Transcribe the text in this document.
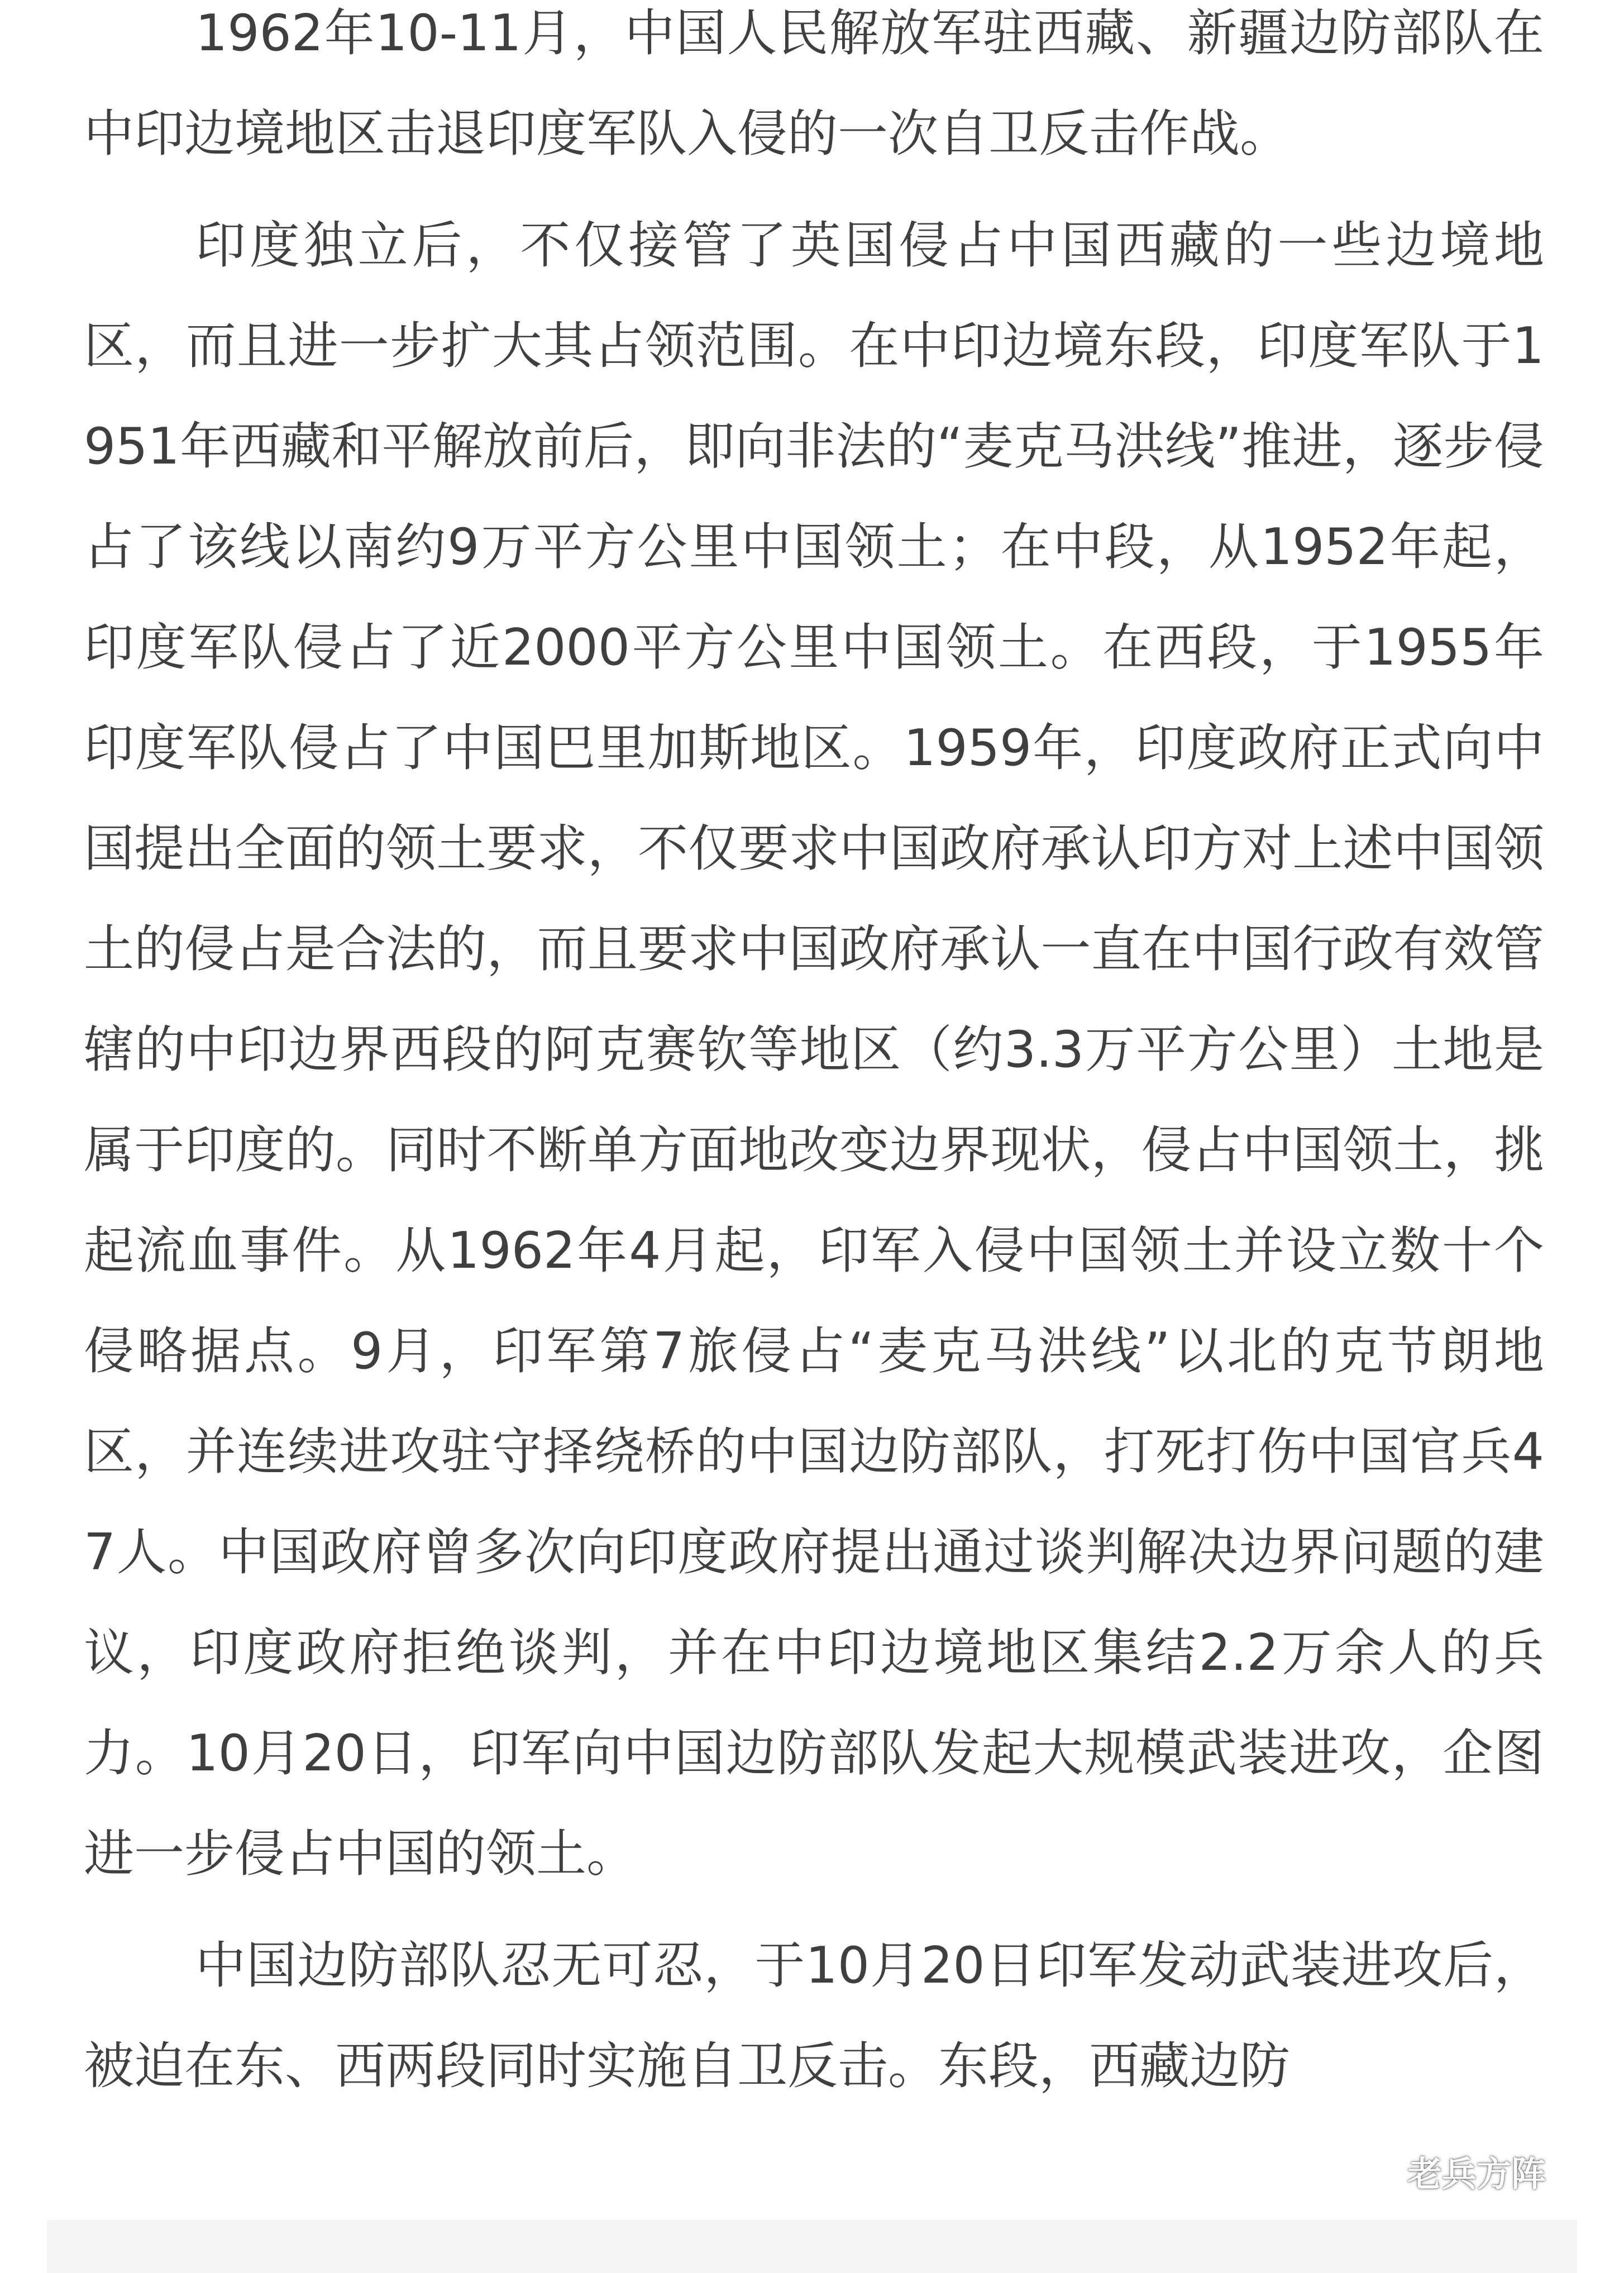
1962年10-11月，中国人民解放军驻西藏、新疆边防部队在中印边境地区击退印度军队入侵的一次自卫反击作战。

印度独立后，不仅接管了英国侵占中国西藏的一些边境地区，而且进一步扩大其占领范围。在中印边境东段，印度军队于1951年西藏和平解放前后，即向非法的“麦克马洪线”推进，逐步侵占了该线以南约9万平方公里中国领土；在中段，从1952年起，印度军队侵占了近2000平方公里中国领土。在西段，于1955年印度军队侵占了中国巴里加斯地区。1959年，印度政府正式向中国提出全面的领土要求，不仅要求中国政府承认印方对上述中国领土的侵占是合法的，而且要求中国政府承认一直在中国行政有效管辖的中印边界西段的阿克赛钦等地区（约3.3万平方公里）土地是属于印度的。同时不断单方面地改变边界现状，侵占中国领土，挑起流血事件。从1962年4月起，印军入侵中国领土并设立数十个侵略据点。9月，印军第7旅侵占“麦克马洪线”以北的克节朗地区，并连续进攻驻守择绕桥的中国边防部队，打死打伤中国官兵47人。中国政府曾多次向印度政府提出通过谈判解决边界问题的建议，印度政府拒绝谈判，并在中印边境地区集结2.2万余人的兵力。10月20日，印军向中国边防部队发起大规模武装进攻，企图进一步侵占中国的领土。

中国边防部队忍无可忍，于10月20日印军发动武装进攻后，被迫在东、西两段同时实施自卫反击。东段，西藏边防

老兵方阵
